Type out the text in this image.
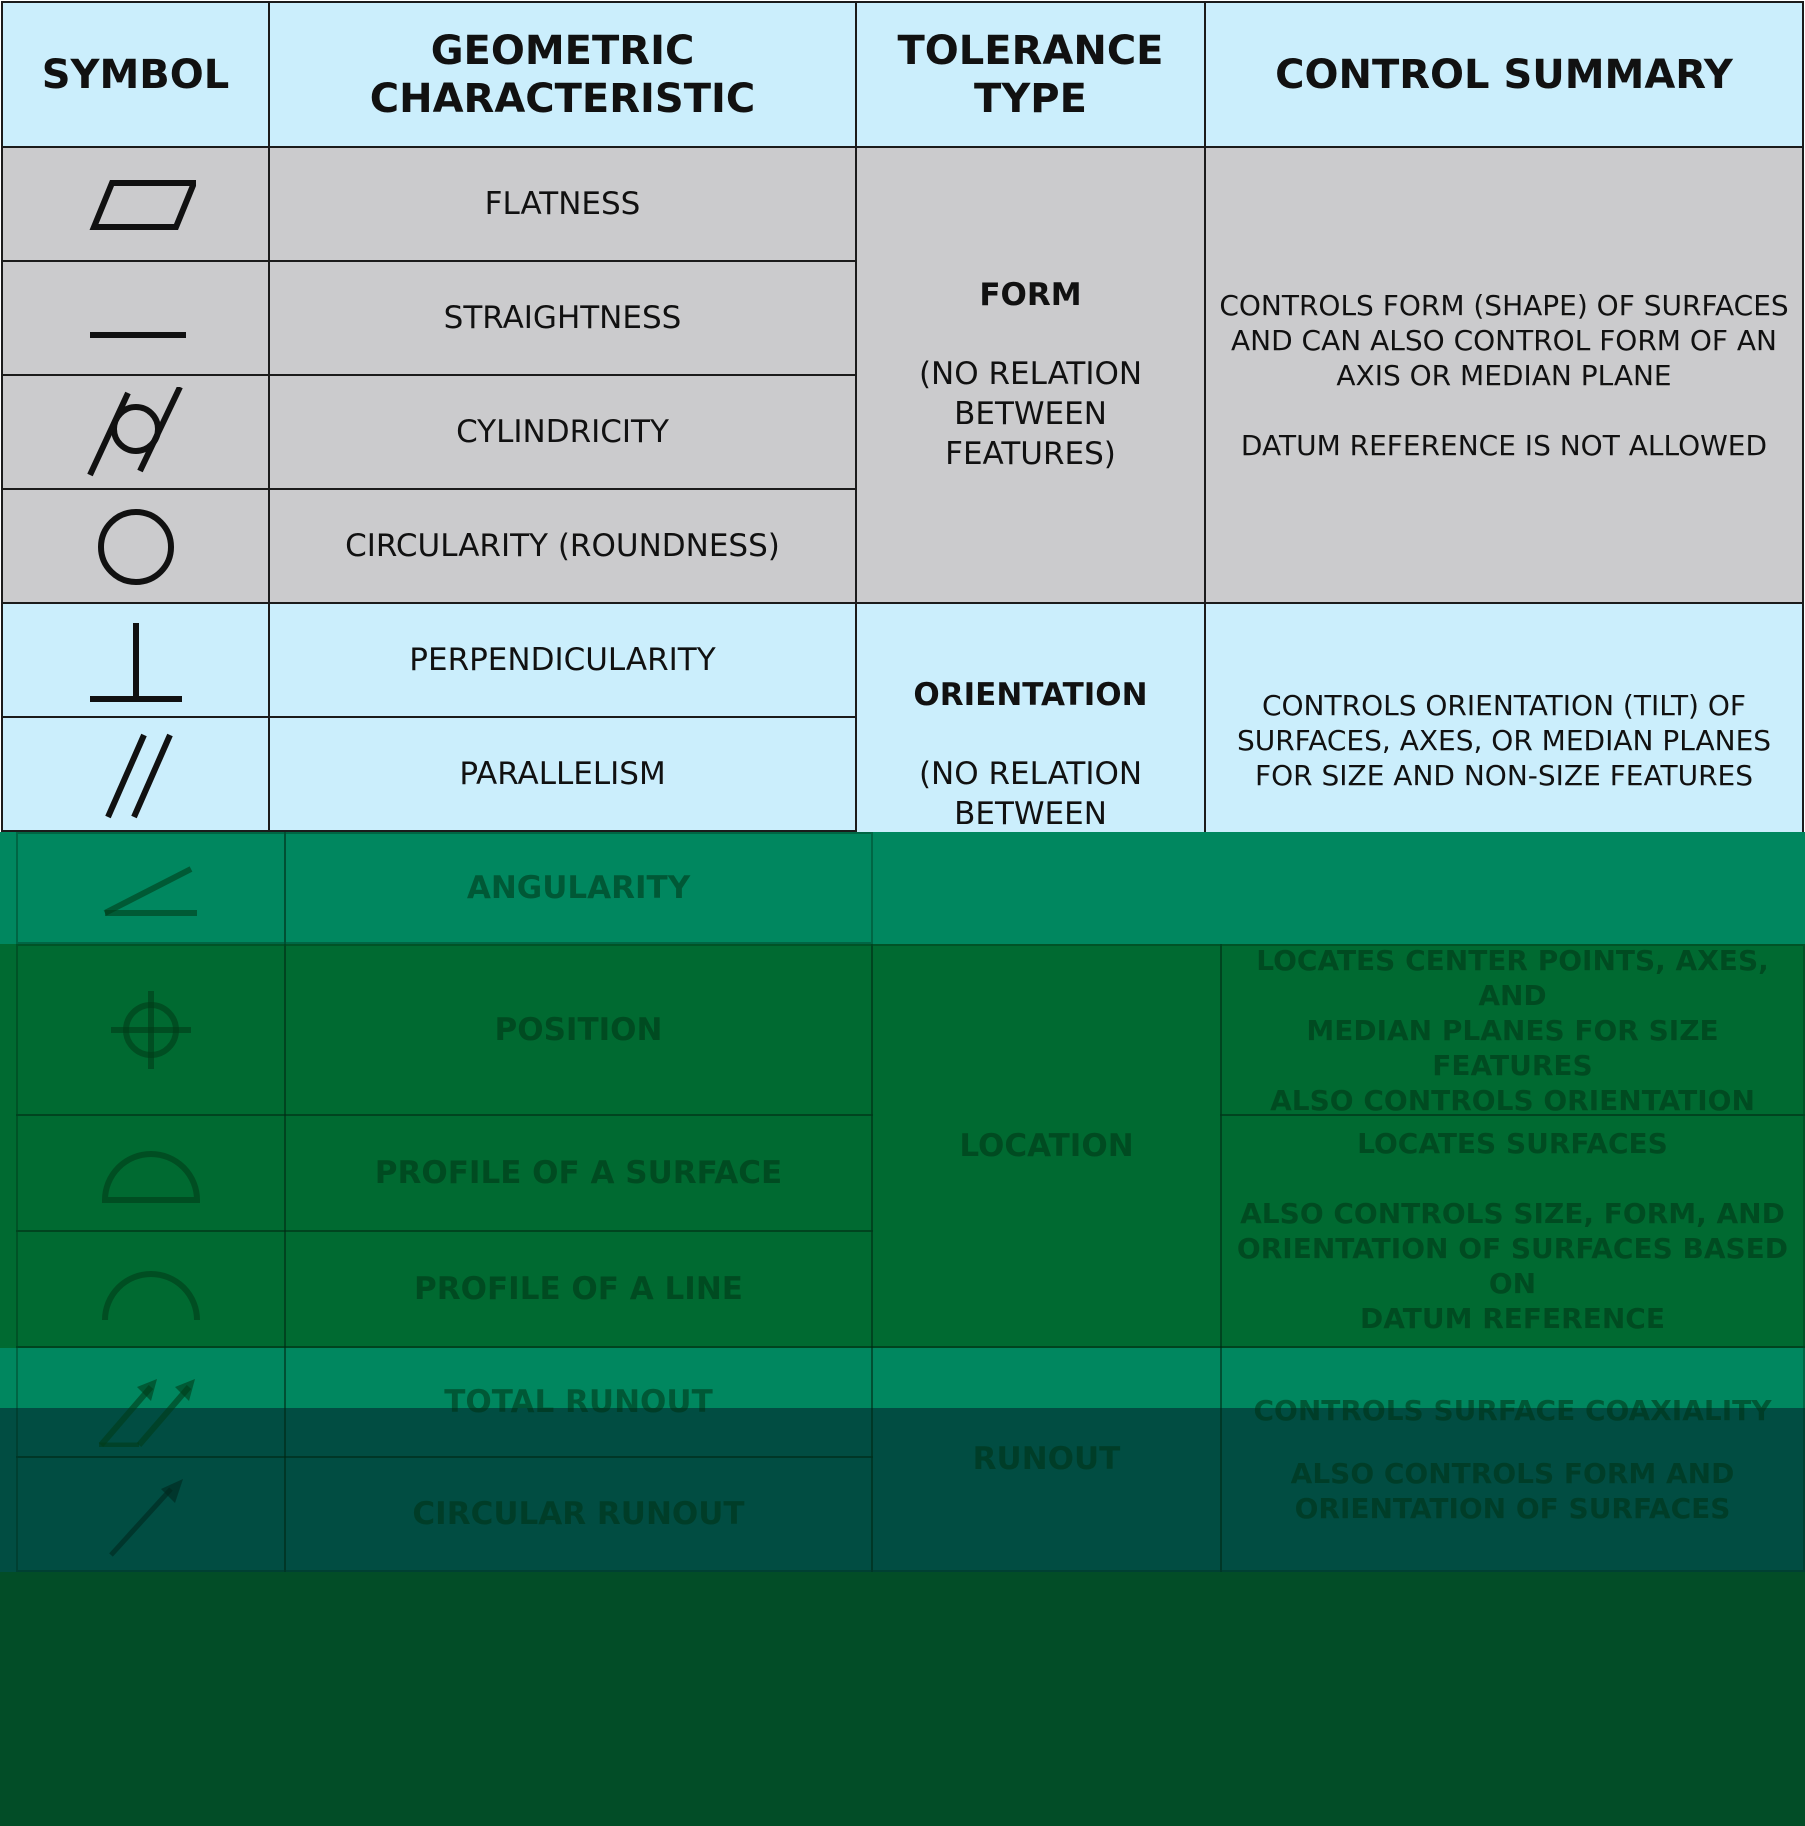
SYMBOL
GEOMETRIC
CHARACTERISTIC
TOLERANCE
TYPE
CONTROL SUMMARY
FLATNESS
STRAIGHTNESS
CYLINDRICITY
CIRCULARITY (ROUNDNESS)
FORM
(NO RELATION
BETWEEN
FEATURES)

CONTROLS FORM (SHAPE) OF SURFACES

AND CAN ALSO CONTROL FORM OF AN

AXIS OR MEDIAN PLANE

DATUM REFERENCE IS NOT ALLOWED

PERPENDICULARITY
PARALLELISM
ORIENTATION
(NO RELATION
BETWEEN

CONTROLS ORIENTATION (TILT) OF

SURFACES, AXES, OR MEDIAN PLANES

FOR SIZE AND NON-SIZE FEATURES

ANGULARITY
POSITION

LOCATES CENTER POINTS, AXES, AND

MEDIAN PLANES FOR SIZE FEATURES

ALSO CONTROLS ORIENTATION

PROFILE OF A SURFACE
PROFILE OF A LINE
LOCATION	LOCATES SURFACES

ALSO CONTROLS SIZE, FORM, AND

ORIENTATION OF SURFACES BASED ON

DATUM REFERENCE

TOTAL RUNOUT
CIRCULAR RUNOUT
RUNOUT

CONTROLS SURFACE COAXIALITY

ALSO CONTROLS FORM AND

ORIENTATION OF SURFACES
